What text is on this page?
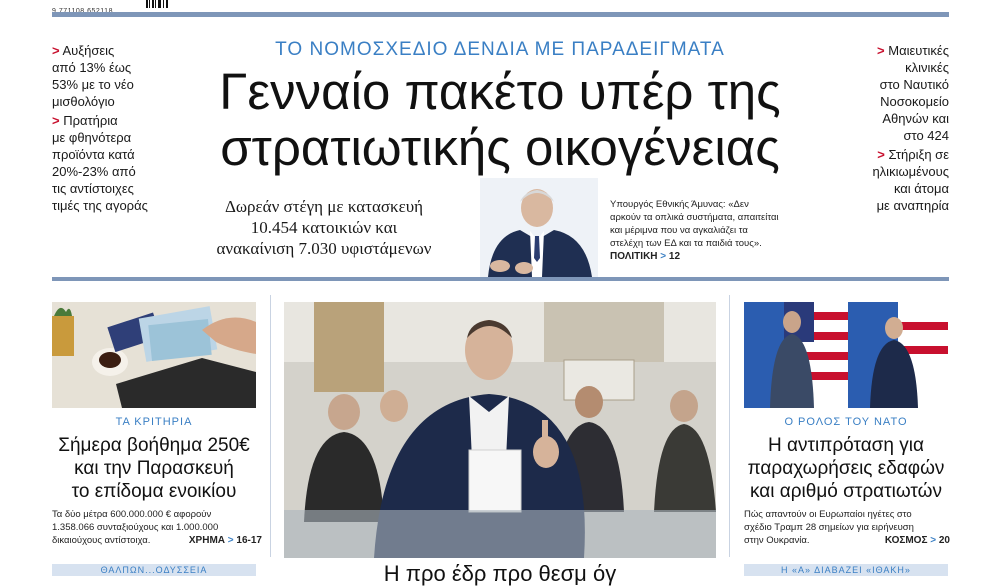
> Αυξήσεις
από 13% έως
53% με το νέο
μισθολόγιο
> Πρατήρια
με φθηνότερα
προϊόντα κατά
20%-23% από
τις αντίστοιχες
τιμές της αγοράς
> Μαιευτικές
κλινικές
στο Ναυτικό
Νοσοκομείο
Αθηνών και
στο 424
> Στήριξη σε
ηλικιωμένους
και άτομα
με αναπηρία
ΤΟ ΝΟΜΟΣΧΕΔΙΟ ΔΕΝΔΙΑ ΜΕ ΠΑΡΑΔΕΙΓΜΑΤΑ
Γενναίο πακέτο υπέρ της
στρατιωτικής οικογένειας
Δωρεάν στέγη με κατασκευή
10.454 κατοικιών και
ανακαίνιση 7.030 υφιστάμενων
Υπουργός Εθνικής Άμυνας: «Δεν αρκούν τα οπλικά συστήματα, απαιτείται και μέριμνα που να αγκαλιάζει τα στελέχη των ΕΔ και τα παιδιά τους». ΠΟΛΙΤΙΚΗ > 12
ΤΑ ΚΡΙΤΗΡΙΑ
Σήμερα βοήθημα 250€
και την Παρασκευή
το επίδομα ενοικίου
Τα δύο μέτρα 600.000.000 € αφορούν
1.358.066 συνταξιούχους και 1.000.000
δικαιούχους αντίστοιχα.	ΧΡΗΜΑ > 16-17
Ο ΡΟΛΟΣ ΤΟΥ ΝΑΤΟ
Η αντιπρόταση για
παραχωρήσεις εδαφών
και αριθμό στρατιωτών
Πώς απαντούν οι Ευρωπαίοι ηγέτες στο
σχέδιο Τραμπ 28 σημείων για ειρήνευση
στην Ουκρανία.	ΚΟΣΜΟΣ > 20
ΘΑΛΠΩΝ...ΟΔΥΣΣΕΙΑ	Η προ έδρ προ θεσμ όγ	Η «Α» ΔΙΑΒΑΖΕΙ «ΙΘΑΚΗ»
